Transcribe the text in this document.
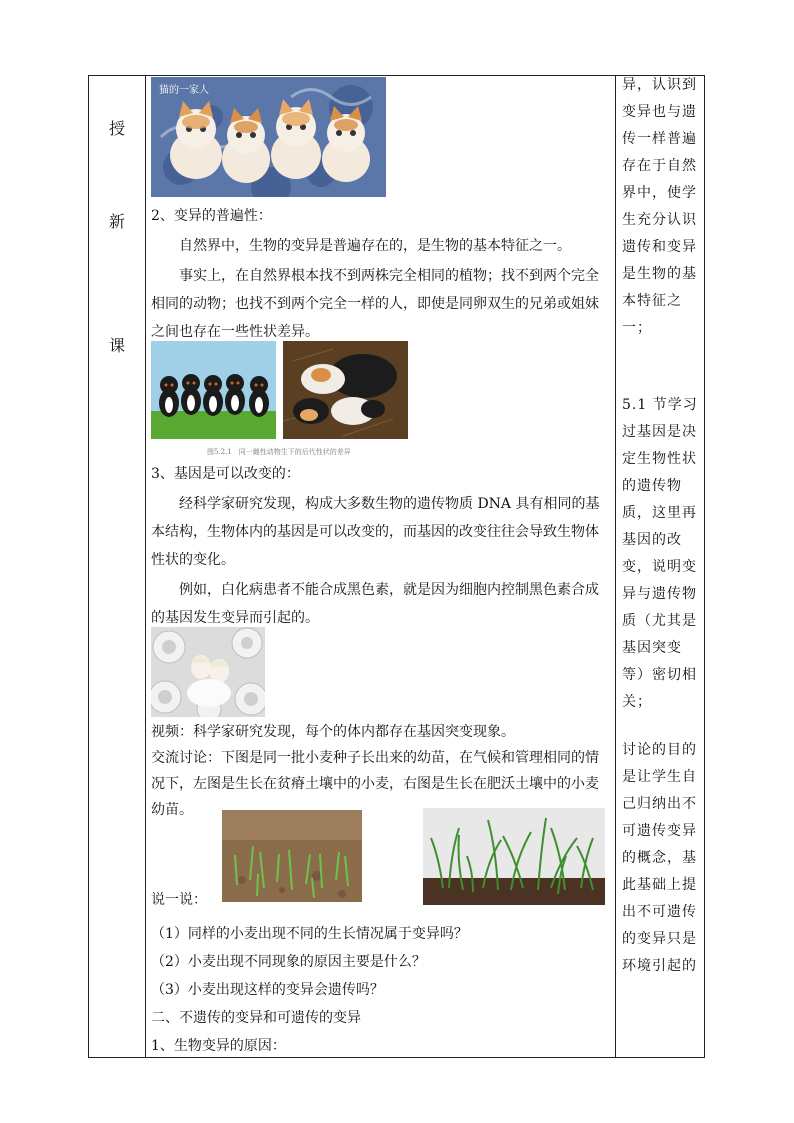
授
新
课
猫的一家人

2、变异的普遍性：

自然界中，生物的变异是普遍存在的，是生物的基本特征之一。

事实上，在自然界根本找不到两株完全相同的植物；找不到两个完全相同的动物；也找不到两个完全一样的人，即使是同卵双生的兄弟或姐妹之间也存在一些性状差异。

图5.2.1　同一雌性动物生下的后代性状的差异

3、基因是可以改变的：

经科学家研究发现，构成大多数生物的遗传物质 DNA 具有相同的基本结构，生物体内的基因是可以改变的，而基因的改变往往会导致生物体性状的变化。

例如，白化病患者不能合成黑色素，就是因为细胞内控制黑色素合成的基因发生变异而引起的。

视频：科学家研究发现，每个的体内都存在基因突变现象。

交流讨论：下图是同一批小麦种子长出来的幼苗，在气候和管理相同的情况下，左图是生长在贫瘠土壤中的小麦，右图是生长在肥沃土壤中的小麦幼苗。

说一说：

（1）同样的小麦出现不同的生长情况属于变异吗？

（2）小麦出现不同现象的原因主要是什么？

（3）小麦出现这样的变异会遗传吗？

二、不遗传的变异和可遗传的变异

1、生物变异的原因：

异，认识到变异也与遗传一样普遍存在于自然界中，使学生充分认识遗传和变异是生物的基本特征之一；
5.1 节学习过基因是决定生物性状的遗传物质，这里再基因的改变，说明变异与遗传物质（尤其是基因突变等）密切相关；
讨论的目的是让学生自己归纳出不可遗传变异的概念，基此基础上提出不可遗传的变异只是环境引起的
